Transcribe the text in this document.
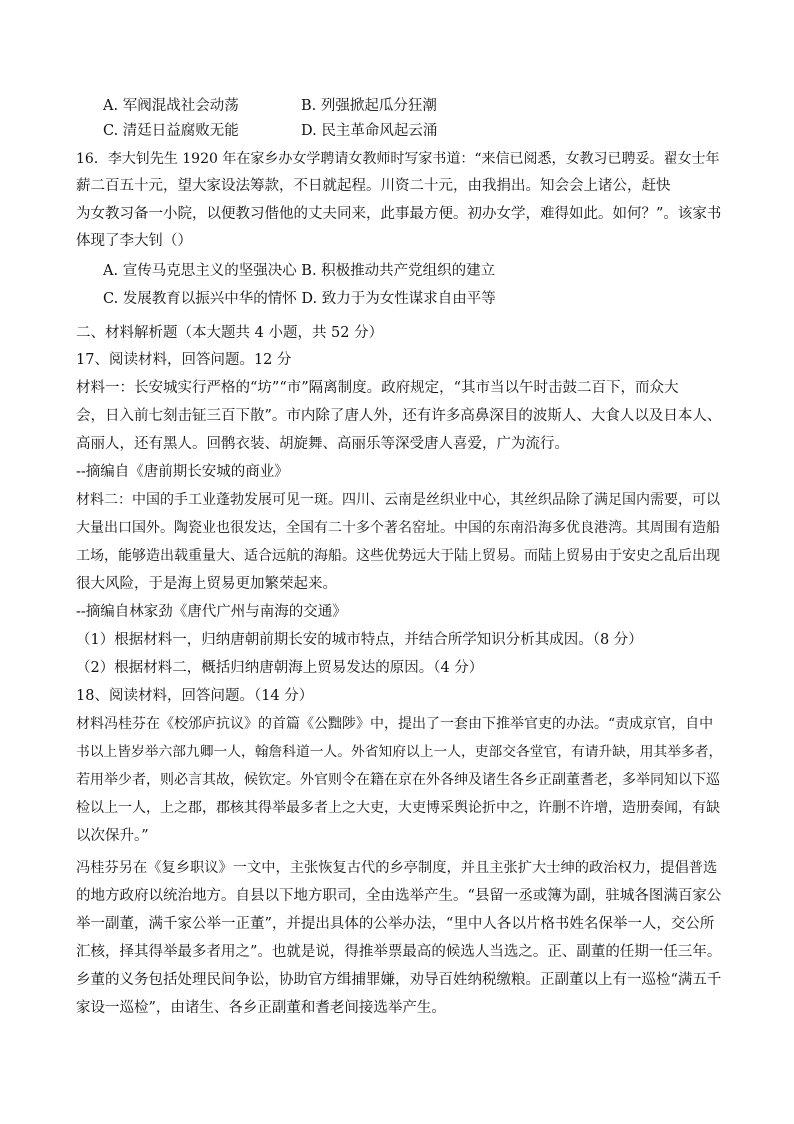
A. 军阀混战社会动荡	B. 列强掀起瓜分狂潮
C. 清廷日益腐败无能	D. 民主革命风起云涌
16．李大钊先生 1920 年在家乡办女学聘请女教师时写家书道：“来信已阅悉，女教习已聘妥。翟女士年
薪二百五十元，望大家设法筹款，不日就起程。川资二十元，由我捐出。知会会上诸公，赶快
为女教习备一小院，以便教习偕他的丈夫同来，此事最方便。初办女学，难得如此。如何？”。该家书
体现了李大钊（）
A. 宣传马克思主义的坚强决心 B. 积极推动共产党组织的建立
C. 发展教育以振兴中华的情怀 D. 致力于为女性谋求自由平等
二、材料解析题（本大题共 4 小题，共 52 分）
17、阅读材料，回答问题。12 分
材料一：长安城实行严格的“坊”“市”隔离制度。政府规定，“其市当以午时击鼓二百下，而众大
会，日入前七刻击钲三百下散”。市内除了唐人外，还有许多高鼻深目的波斯人、大食人以及日本人、
高丽人，还有黑人。回鹘衣装、胡旋舞、高丽乐等深受唐人喜爱，广为流行。
--摘编自《唐前期长安城的商业》
材料二：中国的手工业蓬勃发展可见一斑。四川、云南是丝织业中心，其丝织品除了满足国内需要，可以
大量出口国外。陶瓷业也很发达，全国有二十多个著名窑址。中国的东南沿海多优良港湾。其周围有造船
工场，能够造出载重量大、适合远航的海船。这些优势远大于陆上贸易。而陆上贸易由于安史之乱后出现
很大风险，于是海上贸易更加繁荣起来。
--摘编自林家劲《唐代广州与南海的交通》
（1）根据材料一，归纳唐朝前期长安的城市特点，并结合所学知识分析其成因。（8 分）
（2）根据材料二，概括归纳唐朝海上贸易发达的原因。（4 分）
18、阅读材料，回答问题。（14 分）
材料冯桂芬在《校邠庐抗议》的首篇《公黜陟》中，提出了一套由下推举官吏的办法。“责成京官，自中
书以上皆岁举六部九卿一人，翰詹科道一人。外省知府以上一人，吏部交各堂官，有请升缺，用其举多者，
若用举少者，则必言其故，候钦定。外官则令在籍在京在外各绅及诸生各乡正副董耆老，多举同知以下巡
检以上一人，上之郡，郡核其得举最多者上之大吏，大吏博采舆论折中之，许删不许增，造册奏闻，有缺
以次保升。”
冯桂芬另在《复乡职议》一文中，主张恢复古代的乡亭制度，并且主张扩大士绅的政治权力，提倡普选
的地方政府以统治地方。自县以下地方职司，全由选举产生。“县留一丞或簿为副，驻城各图满百家公
举一副董，满千家公举一正董”，并提出具体的公举办法，“里中人各以片格书姓名保举一人，交公所
汇核，择其得举最多者用之”。也就是说，得推举票最高的候选人当选之。正、副董的任期一任三年。
乡董的义务包括处理民间争讼，协助官方缉捕罪嫌，劝导百姓纳税缴粮。正副董以上有一巡检“满五千
家设一巡检”，由诸生、各乡正副董和耆老间接选举产生。
